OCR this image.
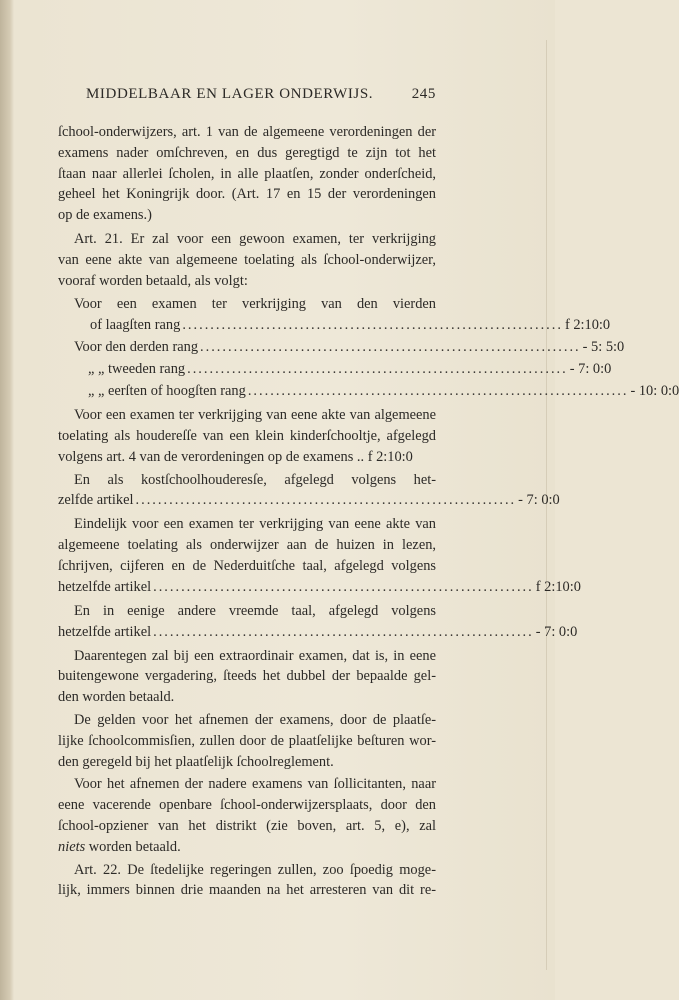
MIDDELBAAR EN LAGER ONDERWIJS.	245
ſchool-onderwijzers, art. 1 van de algemeene verordeningen der
examens nader omſchreven, en dus geregtigd te zijn tot het
ſtaan naar allerlei ſcholen, in alle plaatſen, zonder onderſcheid,
geheel het Koningrijk door. (Art. 17 en 15 der verordeningen
op de examens.)
Art. 21. Er zal voor een gewoon examen, ter verkrijging
van eene akte van algemeene toelating als ſchool-onderwijzer,
vooraf worden betaald, als volgt:
Voor een examen ter verkrijging van den vierden
of laagſten rang .................................................................... f 2:10:0
Voor den derden rang .................................................................... - 5: 5:0
„ „ tweeden rang .................................................................... - 7: 0:0
„ „ eerſten of hoogſten rang .................................................................... - 10: 0:0
Voor een examen ter verkrijging van eene akte van algemeene
toelating als houdereſſe van een klein kinderſchooltje, afgelegd
volgens art. 4 van de verordeningen op de examens .. f 2:10:0
En als kostſchoolhouderesſe, afgelegd volgens het-
zelfde artikel .................................................................... - 7: 0:0
Eindelijk voor een examen ter verkrijging van eene akte van
algemeene toelating als onderwijzer aan de huizen in lezen,
ſchrijven, cijferen en de Nederduitſche taal, afgelegd volgens
hetzelfde artikel .................................................................... f 2:10:0
En in eenige andere vreemde taal, afgelegd volgens
hetzelfde artikel .................................................................... - 7: 0:0
Daarentegen zal bij een extraordinair examen, dat is, in eene
buitengewone vergadering, ſteeds het dubbel der bepaalde gel-
den worden betaald.
De gelden voor het afnemen der examens, door de plaatſe-
lijke ſchoolcommisſien, zullen door de plaatſelijke beſturen wor-
den geregeld bij het plaatſelijk ſchoolreglement.
Voor het afnemen der nadere examens van ſollicitanten, naar
eene vacerende openbare ſchool-onderwijzersplaats, door den
ſchool-opziener van het distrikt (zie boven, art. 5, e), zal
niets worden betaald.
Art. 22. De ſtedelijke regeringen zullen, zoo ſpoedig moge-
lijk, immers binnen drie maanden na het arresteren van dit re-
